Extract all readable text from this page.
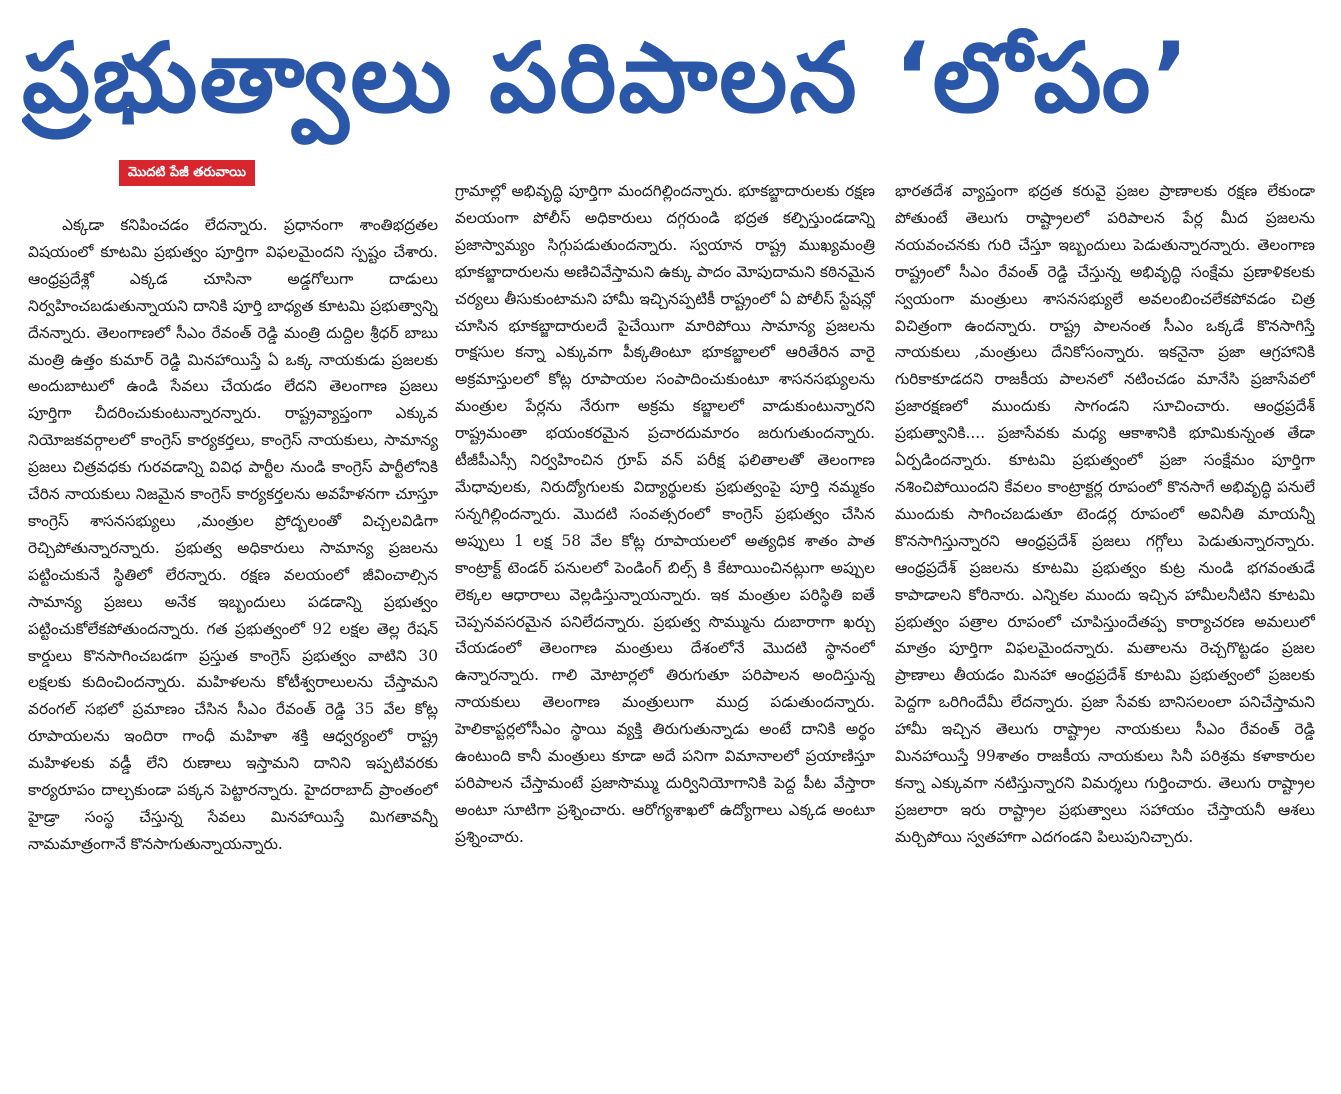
ప్రభుత్వాలు పరిపాలన ‘లోపం’
మొదటి పేజీ తరువాయి

ఎక్కడా కనిపించడం లేదన్నారు. ప్రధానంగా శాంతిభద్రతల విషయంలో కూటమి ప్రభుత్వం పూర్తిగా విఫలమైందని స్పష్టం చేశారు. ఆంధ్రప్రదేశ్లో ఎక్కడ చూసినా అడ్డగోలుగా దాడులు నిర్వహించబడుతున్నాయని దానికి పూర్తి బాధ్యత కూటమి ప్రభుత్వాన్ని దేనన్నారు. తెలంగాణలో సీఎం రేవంత్ రెడ్డి మంత్రి దుద్దిల శ్రీధర్ బాబు మంత్రి ఉత్తం కుమార్ రెడ్డి మినహాయిస్తే ఏ ఒక్క నాయకుడు ప్రజలకు అందుబాటులో ఉండి సేవలు చేయడం లేదని తెలంగాణ ప్రజలు పూర్తిగా చీదరించుకుంటున్నారన్నారు. రాష్ట్రవ్యాప్తంగా ఎక్కువ నియోజకవర్గాలలో కాంగ్రెస్ కార్యకర్తలు, కాంగ్రెస్ నాయకులు, సామాన్య ప్రజలు చిత్రవధకు గురవడాన్ని వివిధ పార్టీల నుండి కాంగ్రెస్ పార్టీలోనికి చేరిన నాయకులు నిజమైన కాంగ్రెస్ కార్యకర్తలను అవహేళనగా చూస్తూ కాంగ్రెస్ శాసనసభ్యులు ,మంత్రుల ప్రోద్బలంతో విచ్చలవిడిగా రెచ్చిపోతున్నారన్నారు. ప్రభుత్వ అధికారులు సామాన్య ప్రజలను పట్టించుకునే స్థితిలో లేరన్నారు. రక్షణ వలయంలో జీవించాల్సిన సామాన్య ప్రజలు అనేక ఇబ్బందులు పడడాన్ని ప్రభుత్వం పట్టించుకోలేకపోతుందన్నారు. గత ప్రభుత్వంలో 92 లక్షల తెల్ల రేషన్ కార్డులు కొనసాగించబడగా ప్రస్తుత కాంగ్రెస్ ప్రభుత్వం వాటిని 30 లక్షలకు కుదించిందన్నారు. మహిళలను కోటీశ్వరాలులను చేస్తామని వరంగల్ సభలో ప్రమాణం చేసిన సీఎం రేవంత్ రెడ్డి 35 వేల కోట్ల రూపాయలను ఇందిరా గాంధీ మహిళా శక్తి ఆధ్వర్యంలో రాష్ట్ర మహిళలకు వడ్డీ లేని రుణాలు ఇస్తామని దానిని ఇప్పటివరకు కార్యరూపం దాల్చకుండా పక్కన పెట్టారన్నారు. హైదరాబాద్ ప్రాంతంలో హైడ్రా సంస్థ చేస్తున్న సేవలు మినహాయిస్తే మిగతావన్నీ నామమాత్రంగానే కొనసాగుతున్నాయన్నారు.

గ్రామాల్లో అభివృద్ధి పూర్తిగా మందగిల్లిందన్నారు. భూకబ్జాదారులకు రక్షణ వలయంగా పోలీస్ అధికారులు దగ్గరుండి భద్రత కల్పిస్తుండడాన్ని ప్రజాస్వామ్యం సిగ్గుపడుతుందన్నారు. స్వయాన రాష్ట్ర ముఖ్యమంత్రి భూకబ్జాదారులను అణిచివేస్తామని ఉక్కు పాదం మోపుదామని కఠినమైన చర్యలు తీసుకుంటామని హామీ ఇచ్చినప్పటికీ రాష్ట్రంలో ఏ పోలీస్ స్టేషన్లో చూసిన భూకబ్జాదారులదే పైచేయిగా మారిపోయి సామాన్య ప్రజలను రాక్షసుల కన్నా ఎక్కువగా పీక్కతింటూ భూకబ్జాలలో ఆరితేరిన వారై అక్రమాస్తులలో కోట్ల రూపాయల సంపాదించుకుంటూ శాసనసభ్యులను మంత్రుల పేర్లను నేరుగా అక్రమ కబ్జాలలో వాడుకుంటున్నారని రాష్ట్రమంతా భయంకరమైన ప్రచారదుమారం జరుగుతుందన్నారు. టీజీపీఎస్సీ నిర్వహించిన గ్రూప్ వన్ పరీక్ష ఫలితాలతో తెలంగాణ మేధావులకు, నిరుద్యోగులకు విద్యార్థులకు ప్రభుత్వంపై పూర్తి నమ్మకం సన్నగిల్లిందన్నారు. మొదటి సంవత్సరంలో కాంగ్రెస్ ప్రభుత్వం చేసిన అప్పులు 1 లక్ష 58 వేల కోట్ల రూపాయలలో అత్యధిక శాతం పాత కాంట్రాక్ట్ టెండర్ పనులలో పెండింగ్ బిల్స్ కి కేటాయించినట్లుగా అప్పుల లెక్కల ఆధారాలు వెల్లడిస్తున్నాయన్నారు. ఇక మంత్రుల పరిస్థితి ఐతే చెప్పనవసరమైన పనిలేదన్నారు. ప్రభుత్వ సొమ్మును దుబారాగా ఖర్చు చేయడంలో తెలంగాణ మంత్రులు దేశంలోనే మొదటి స్థానంలో ఉన్నారన్నారు. గాలి మోటార్లలో తిరుగుతూ పరిపాలన అందిస్తున్న నాయకులు తెలంగాణ మంత్రులుగా ముద్ర పడుతుందన్నారు. హెలికాప్టర్లలోసీఎం స్థాయి వ్యక్తి తిరుగుతున్నాడు అంటే దానికి అర్థం ఉంటుంది కానీ మంత్రులు కూడా అదే పనిగా విమానాలలో ప్రయాణిస్తూ పరిపాలన చేస్తామంటే ప్రజాసొమ్ము దుర్వినియోగానికి పెద్ద పీట వేస్తారా అంటూ సూటిగా ప్రశ్నించారు. ఆరోగ్యశాఖలో ఉద్యోగాలు ఎక్కడ అంటూ ప్రశ్నించారు.

భారతదేశ వ్యాప్తంగా భద్రత కరువై ప్రజల ప్రాణాలకు రక్షణ లేకుండా పోతుంటే తెలుగు రాష్ట్రాలలో పరిపాలన పేర్ల మీద ప్రజలను నయవంచనకు గురి చేస్తూ ఇబ్బందులు పెడుతున్నారన్నారు. తెలంగాణ రాష్ట్రంలో సీఎం రేవంత్ రెడ్డి చేస్తున్న అభివృద్ధి సంక్షేమ ప్రణాళికలకు స్వయంగా మంత్రులు శాసనసభ్యులే అవలంబించలేకపోవడం చిత్ర విచిత్రంగా ఉందన్నారు. రాష్ట్ర పాలనంత సీఎం ఒక్కడే కొనసాగిస్తే నాయకులు ,మంత్రులు దేనికోసంన్నారు. ఇకనైనా ప్రజా ఆగ్రహానికి గురికాకూడదని రాజకీయ పాలనలో నటించడం మానేసి ప్రజాసేవలో ప్రజారక్షణలో ముందుకు సాగండని సూచించారు. ఆంధ్రప్రదేశ్ ప్రభుత్వానికి.... ప్రజాసేవకు మధ్య ఆకాశానికి భూమికున్నంత తేడా ఏర్పడిందన్నారు. కూటమి ప్రభుత్వంలో ప్రజా సంక్షేమం పూర్తిగా నశించిపోయిందని కేవలం కాంట్రాక్టర్ల రూపంలో కొనసాగే అభివృద్ధి పనులే ముందుకు సాగించబడుతూ టెండర్ల రూపంలో అవినీతి మాయన్నీ కొనసాగిస్తున్నారని ఆంధ్రప్రదేశ్ ప్రజలు గగ్గోలు పెడుతున్నారన్నారు. ఆంధ్రప్రదేశ్ ప్రజలను కూటమి ప్రభుత్వం కుట్ర నుండి భగవంతుడే కాపాడాలని కోరినారు. ఎన్నికల ముందు ఇచ్చిన హామీలనీటిని కూటమి ప్రభుత్వం పత్రాల రూపంలో చూపిస్తుందేతప్ప కార్యాచరణ అమలులో మాత్రం పూర్తిగా విఫలమైందన్నారు. మతాలను రెచ్చగొట్టడం ప్రజల ప్రాణాలు తీయడం మినహా ఆంధ్రప్రదేశ్ కూటమి ప్రభుత్వంలో ప్రజలకు పెద్దగా ఒరిగిందేమీ లేదన్నారు. ప్రజా సేవకు బానిసలంలా పనిచేస్తామని హామీ ఇచ్చిన తెలుగు రాష్ట్రాల నాయకులు సీఎం రేవంత్ రెడ్డి మినహాయిస్తే 99శాతం రాజకీయ నాయకులు సినీ పరిశ్రమ కళాకారుల కన్నా ఎక్కువగా నటిస్తున్నారని విమర్శలు గుర్తించారు. తెలుగు రాష్ట్రాల ప్రజలారా ఇరు రాష్ట్రాల ప్రభుత్వాలు సహాయం చేస్తాయనీ ఆశలు మర్చిపోయి స్వతహాగా ఎదగండని పిలుపునిచ్చారు.
